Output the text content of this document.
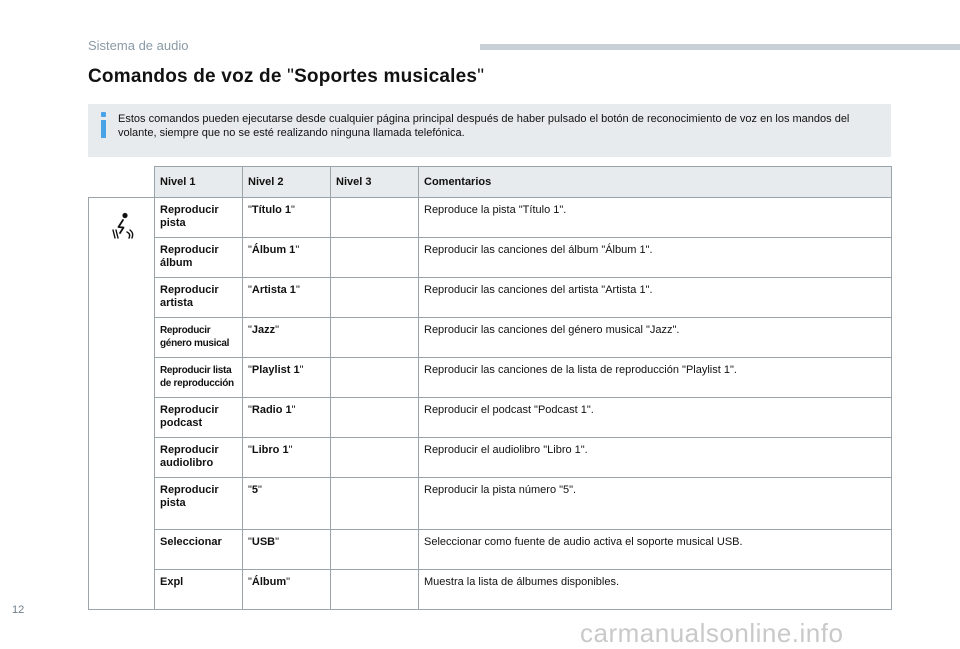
Sistema de audio
Comandos de voz de "Soportes musicales"
Estos comandos pueden ejecutarse desde cualquier página principal después de haber pulsado el botón de reconocimiento de voz en los mandos del volante, siempre que no se esté realizando ninguna llamada telefónica.
	Nivel 1	Nivel 2	Nivel 3	Comentarios

	Reproducir pista	"Título 1"		Reproduce la pista "Título 1".
	Reproducir álbum	"Álbum 1"		Reproducir las canciones del álbum "Álbum 1".
	Reproducir artista	"Artista 1"		Reproducir las canciones del artista "Artista 1".
	Reproducir género musical	"Jazz"		Reproducir las canciones del género musical "Jazz".
	Reproducir lista de reproducción	"Playlist 1"		Reproducir las canciones de la lista de reproducción "Playlist 1".
	Reproducir podcast	"Radio 1"		Reproducir el podcast "Podcast 1".
	Reproducir audiolibro	"Libro 1"		Reproducir el audiolibro "Libro 1".
	Reproducir pista	"5"		Reproducir la pista número "5".
	Seleccionar	"USB"		Seleccionar como fuente de audio activa el soporte musical USB.
	Expl	"Álbum"		Muestra la lista de álbumes disponibles.
12
carmanualsonline.info
